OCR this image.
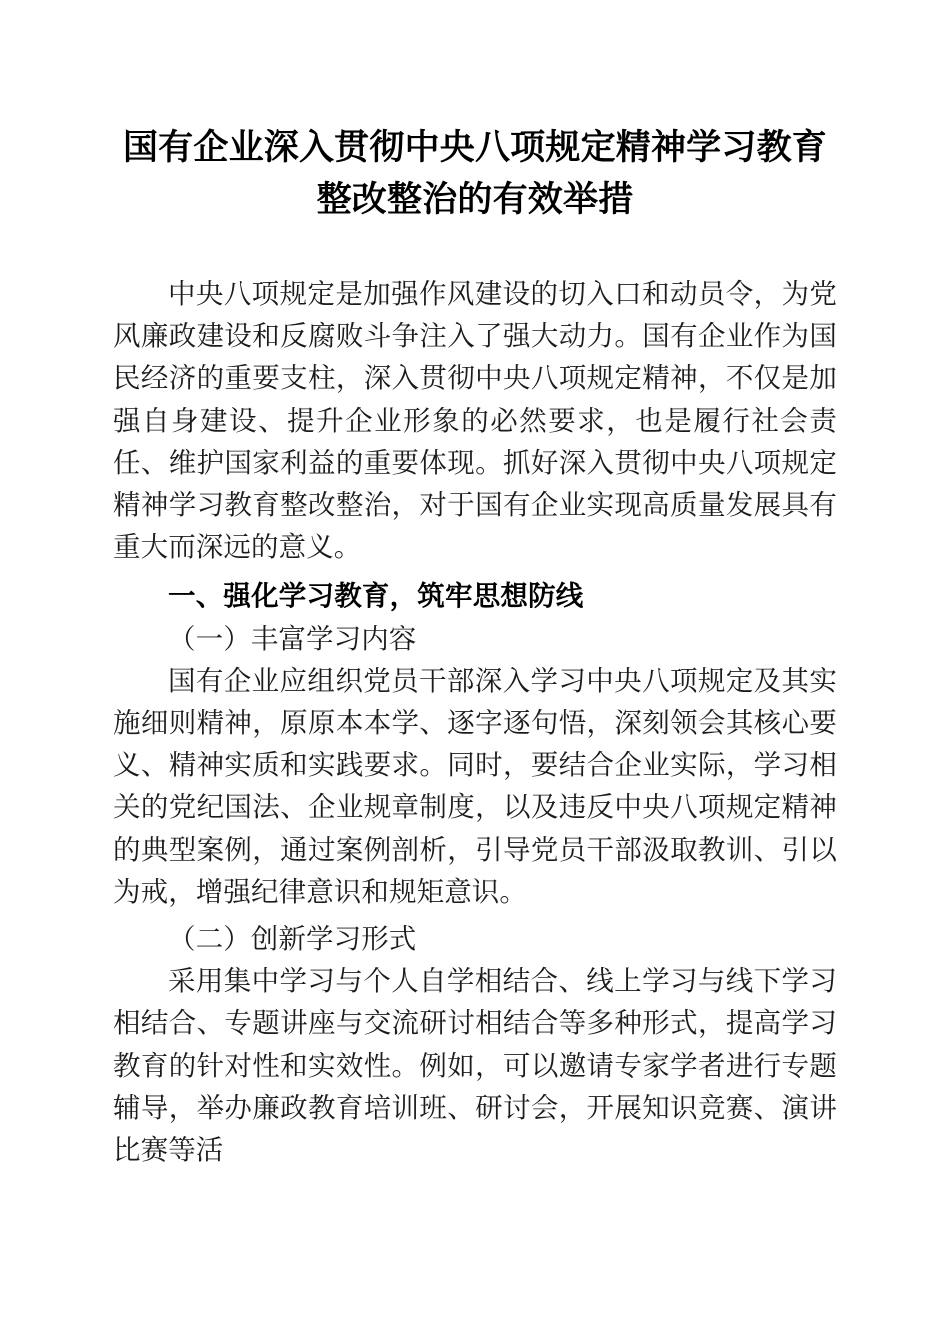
国有企业深入贯彻中央八项规定精神学习教育
整改整治的有效举措

中央八项规定是加强作风建设的切入口和动员令，为党风廉政建设和反腐败斗争注入了强大动力。国有企业作为国民经济的重要支柱，深入贯彻中央八项规定精神，不仅是加强自身建设、提升企业形象的必然要求，也是履行社会责任、维护国家利益的重要体现。抓好深入贯彻中央八项规定精神学习教育整改整治，对于国有企业实现高质量发展具有重大而深远的意义。

一、强化学习教育，筑牢思想防线
（一）丰富学习内容

国有企业应组织党员干部深入学习中央八项规定及其实施细则精神，原原本本学、逐字逐句悟，深刻领会其核心要义、精神实质和实践要求。同时，要结合企业实际，学习相关的党纪国法、企业规章制度，以及违反中央八项规定精神的典型案例，通过案例剖析，引导党员干部汲取教训、引以为戒，增强纪律意识和规矩意识。

（二）创新学习形式

采用集中学习与个人自学相结合、线上学习与线下学习相结合、专题讲座与交流研讨相结合等多种形式，提高学习教育的针对性和实效性。例如，可以邀请专家学者进行专题辅导，举办廉政教育培训班、研讨会，开展知识竞赛、演讲比赛等活
